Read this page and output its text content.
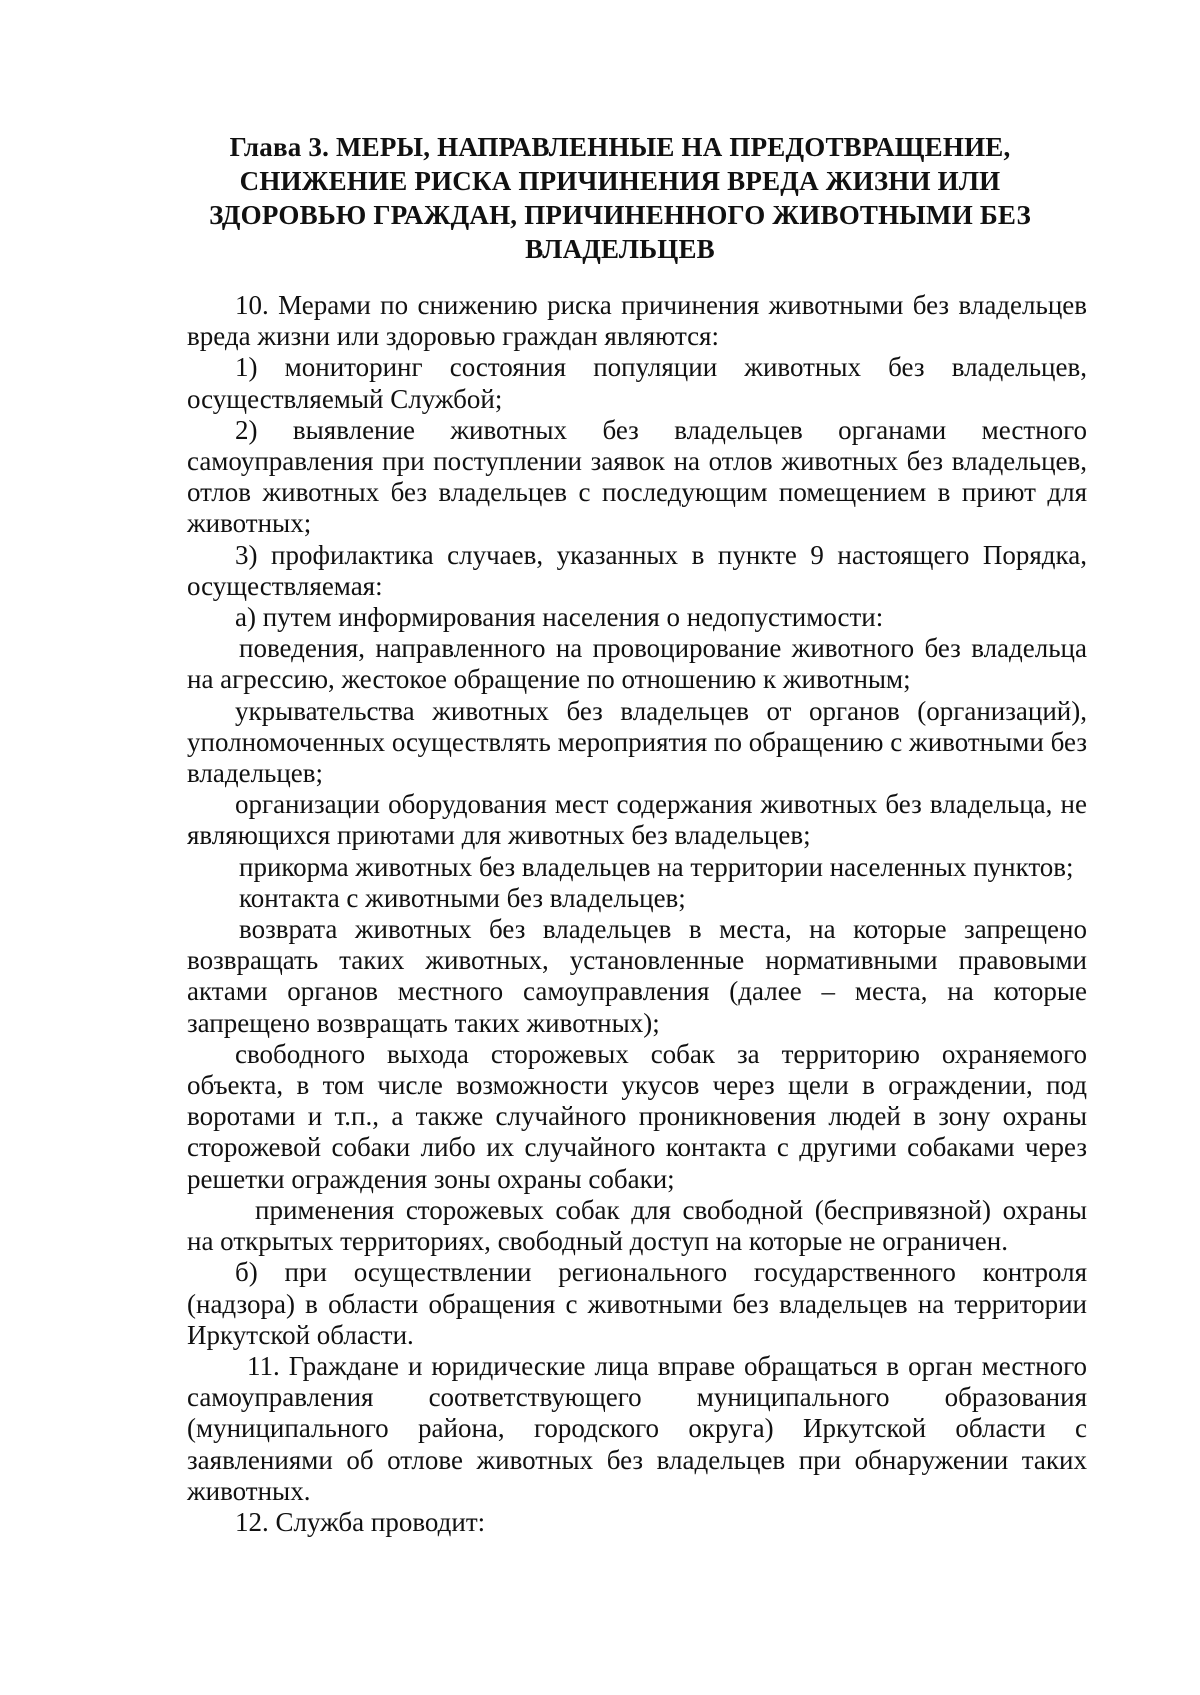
Глава 3. МЕРЫ, НАПРАВЛЕННЫЕ НА ПРЕДОТВРАЩЕНИЕ,
СНИЖЕНИЕ РИСКА ПРИЧИНЕНИЯ ВРЕДА ЖИЗНИ ИЛИ
ЗДОРОВЬЮ ГРАЖДАН, ПРИЧИНЕННОГО ЖИВОТНЫМИ БЕЗ
ВЛАДЕЛЬЦЕВ

10. Мерами по снижению риска причинения животными без владельцев вреда жизни или здоровью граждан являются:

1) мониторинг состояния популяции животных без владельцев, осуществляемый Службой;

2) выявление животных без владельцев органами местного самоуправления при поступлении заявок на отлов животных без владельцев, отлов животных без владельцев с последующим помещением в приют для животных;

3) профилактика случаев, указанных в пункте 9 настоящего Порядка, осуществляемая:

а) путем информирования населения о недопустимости:

поведения, направленного на провоцирование животного без владельца на агрессию, жестокое обращение по отношению к животным;

укрывательства животных без владельцев от органов (организаций), уполномоченных осуществлять мероприятия по обращению с животными без владельцев;

организации оборудования мест содержания животных без владельца, не являющихся приютами для животных без владельцев;

прикорма животных без владельцев на территории населенных пунктов;

контакта с животными без владельцев;

возврата животных без владельцев в места, на которые запрещено возвращать таких животных, установленные нормативными правовыми актами органов местного самоуправления (далее – места, на которые запрещено возвращать таких животных);

свободного выхода сторожевых собак за территорию охраняемого объекта, в том числе возможности укусов через щели в ограждении, под воротами и т.п., а также случайного проникновения людей в зону охраны сторожевой собаки либо их случайного контакта с другими собаками через решетки ограждения зоны охраны собаки;

применения сторожевых собак для свободной (беспривязной) охраны на открытых территориях, свободный доступ на которые не ограничен.

б) при осуществлении регионального государственного контроля (надзора) в области обращения с животными без владельцев на территории Иркутской области.

11. Граждане и юридические лица вправе обращаться в орган местного самоуправления соответствующего муниципального образования (муниципального района, городского округа) Иркутской области с заявлениями об отлове животных без владельцев при обнаружении таких животных.

12. Служба проводит:
